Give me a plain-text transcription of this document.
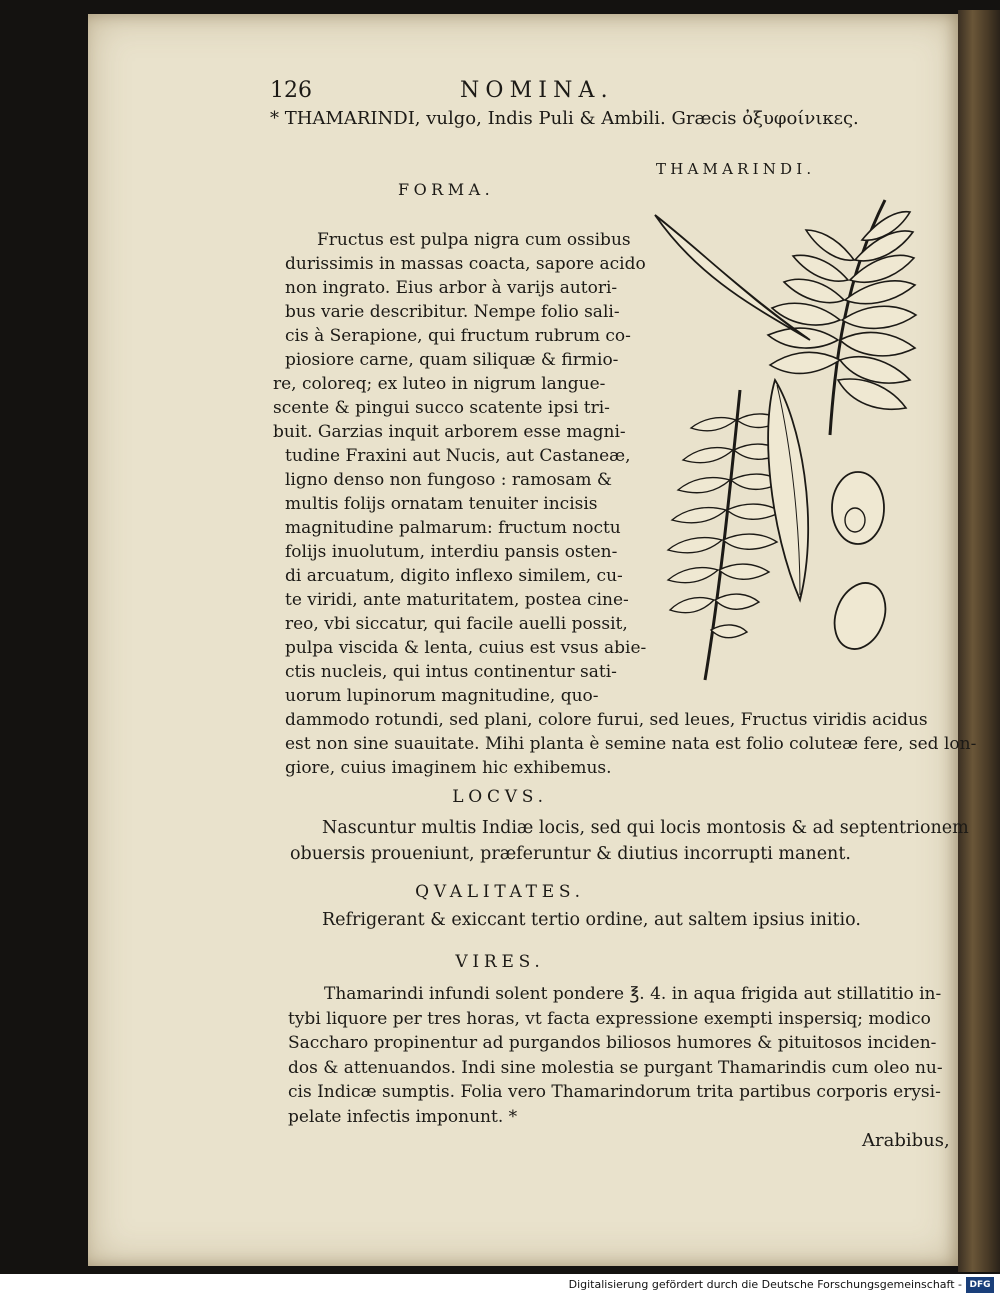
126	NOMINA.
* THAMARINDI, vulgo, Indis Puli & Ambili. Græcis ὀξυφοίνικες.
THAMARINDI.
FORMA.
Fructus est pulpa nigra cum ossibus
durissimis in massas coacta, sapore acido
non ingrato. Eius arbor à varijs autori-
bus varie describitur. Nempe folio sali-
cis à Serapione, qui fructum rubrum co-
piosiore carne, quam siliquæ & firmio-
re, coloreq; ex luteo in nigrum langue-
scente & pingui succo scatente ipsi tri-
buit. Garzias inquit arborem esse magni-
tudine Fraxini aut Nucis, aut Castaneæ,
ligno denso non fungoso : ramosam &
multis folijs ornatam tenuiter incisis
magnitudine palmarum: fructum noctu
folijs inuolutum, interdiu pansis osten-
di arcuatum, digito inflexo similem, cu-
te viridi, ante maturitatem, postea cine-
reo, vbi siccatur, qui facile auelli possit,
pulpa viscida & lenta, cuius est vsus abie-
ctis nucleis, qui intus continentur sati-
uorum lupinorum magnitudine, quo-
dammodo rotundi, sed plani, colore furui, sed leues, Fructus viridis acidus
est non sine suauitate. Mihi planta è semine nata est folio coluteæ fere, sed lon-
giore, cuius imaginem hic exhibemus.
LOCVS.
Nascuntur multis Indiæ locis, sed qui locis montosis & ad septentrionem
obuersis proueniunt, præferuntur & diutius incorrupti manent.
QVALITATES.
Refrigerant & exiccant tertio ordine, aut saltem ipsius initio.
VIRES.
Thamarindi infundi solent pondere ℥. 4. in aqua frigida aut stillatitio in-
tybi liquore per tres horas, vt facta expressione exempti inspersiq; modico
Saccharo propinentur ad purgandos biliosos humores & pituitosos inciden-
dos & attenuandos. Indi sine molestia se purgant Thamarindis cum oleo nu-
cis Indicæ sumptis. Folia vero Thamarindorum trita partibus corporis erysi-
pelate infectis imponunt. *
Arabibus,
Digitalisierung gefördert durch die Deutsche Forschungsgemeinschaft - DFG
